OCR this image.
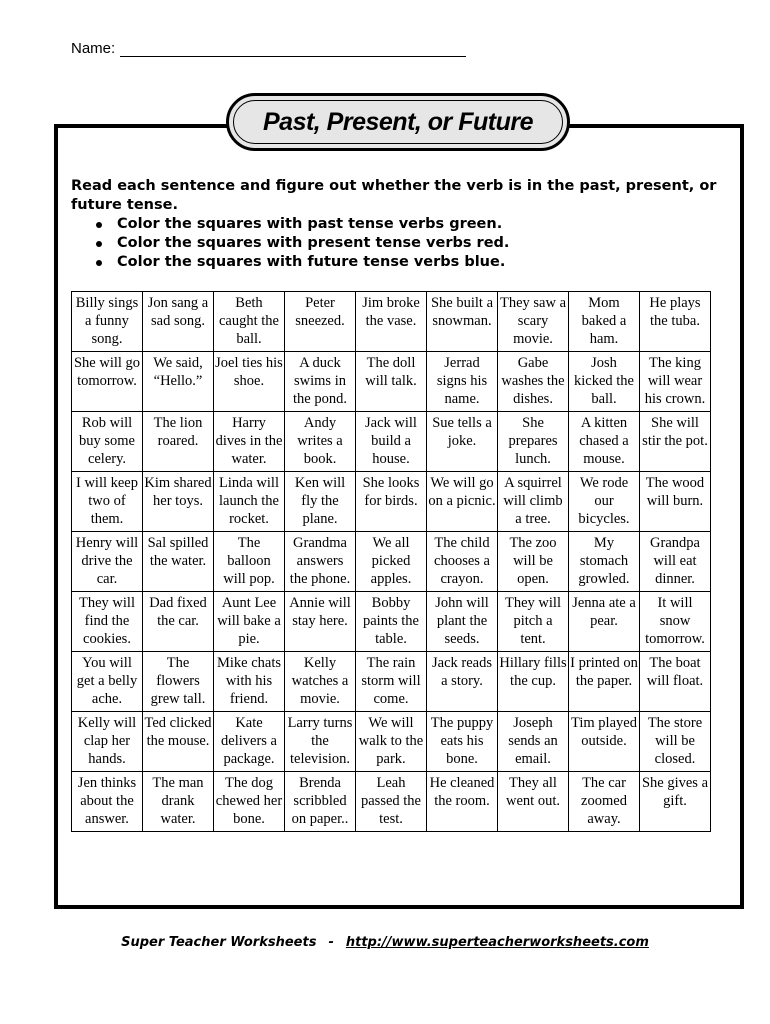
Name:
Past, Present, or Future
Read each sentence and figure out whether the verb is in the past, present, or future tense.
Color the squares with past tense verbs green.
Color the squares with present tense verbs red.
Color the squares with future tense verbs blue.
Billy sings a funny song.	Jon sang a sad song.	Beth caught the ball.	Peter sneezed.	Jim broke the vase.	She built a snowman.	They saw a scary movie.	Mom baked a ham.	He plays the tuba.
She will go tomorrow.	We said, “Hello.”	Joel ties his shoe.	A duck swims in the pond.	The doll will talk.	Jerrad signs his name.	Gabe washes the dishes.	Josh kicked the ball.	The king will wear his crown.
Rob will buy some celery.	The lion roared.	Harry dives in the water.	Andy writes a book.	Jack will build a house.	Sue tells a joke.	She prepares lunch.	A kitten chased a mouse.	She will stir the pot.
I will keep two of them.	Kim shared her toys.	Linda will launch the rocket.	Ken will fly the plane.	She looks for birds.	We will go on a picnic.	A squirrel will climb a tree.	We rode our bicycles.	The wood will burn.
Henry will drive the car.	Sal spilled the water.	The balloon will pop.	Grandma answers the phone.	We all picked apples.	The child chooses a crayon.	The zoo will be open.	My stomach growled.	Grandpa will eat dinner.
They will find the cookies.	Dad fixed the car.	Aunt Lee will bake a pie.	Annie will stay here.	Bobby paints the table.	John will plant the seeds.	They will pitch a tent.	Jenna ate a pear.	It will snow tomorrow.
You will get a belly ache.	The flowers grew tall.	Mike chats with his friend.	Kelly watches a movie.	The rain storm will come.	Jack reads a story.	Hillary fills the cup.	I printed on the paper.	The boat will float.
Kelly will clap her hands.	Ted clicked the mouse.	Kate delivers a package.	Larry turns the television.	We will walk to the park.	The puppy eats his bone.	Joseph sends an email.	Tim played outside.	The store will be closed.
Jen thinks about the answer.	The man drank water.	The dog chewed her bone.	Brenda scribbled on paper..	Leah passed the test.	He cleaned the room.	They all went out.	The car zoomed away.	She gives a gift.
Super Teacher Worksheets - http://www.superteacherworksheets.com
